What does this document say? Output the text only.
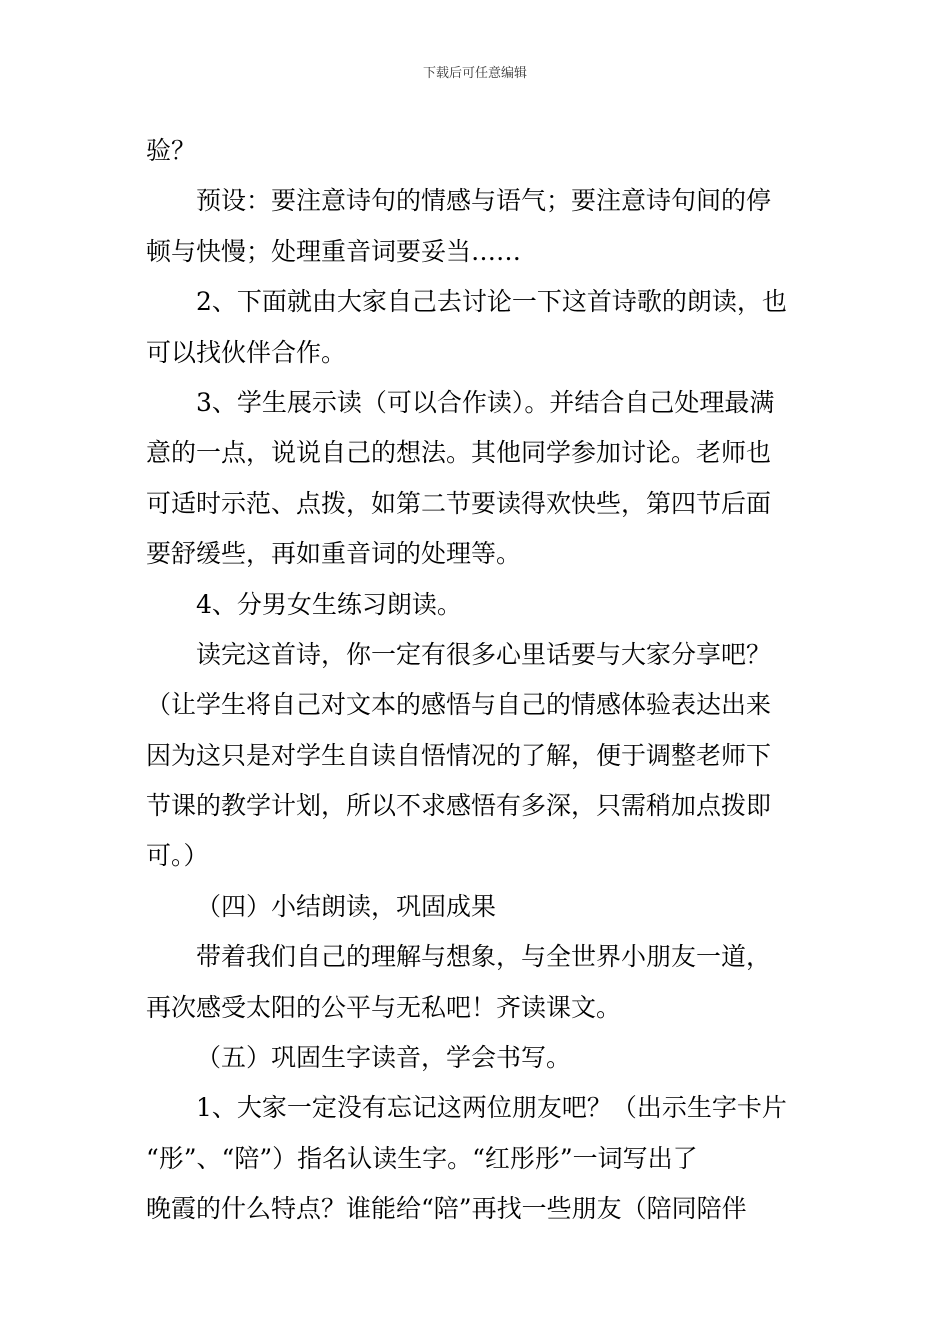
下载后可任意编辑
验？
预设：要注意诗句的情感与语气；要注意诗句间的停
顿与快慢；处理重音词要妥当……
2、下面就由大家自己去讨论一下这首诗歌的朗读，也
可以找伙伴合作。
3、学生展示读（可以合作读）。并结合自己处理最满
意的一点，说说自己的想法。其他同学参加讨论。老师也
可适时示范、点拨，如第二节要读得欢快些，第四节后面
要舒缓些，再如重音词的处理等。
4、分男女生练习朗读。
读完这首诗，你一定有很多心里话要与大家分享吧？
（让学生将自己对文本的感悟与自己的情感体验表达出来
因为这只是对学生自读自悟情况的了解，便于调整老师下
节课的教学计划，所以不求感悟有多深，只需稍加点拨即
可。）
（四）小结朗读，巩固成果
带着我们自己的理解与想象，与全世界小朋友一道，
再次感受太阳的公平与无私吧！齐读课文。
（五）巩固生字读音，学会书写。
1、大家一定没有忘记这两位朋友吧？（出示生字卡片
“彤”、“陪”）指名认读生字。“红彤彤”一词写出了
晚霞的什么特点？谁能给“陪”再找一些朋友（陪同陪伴
